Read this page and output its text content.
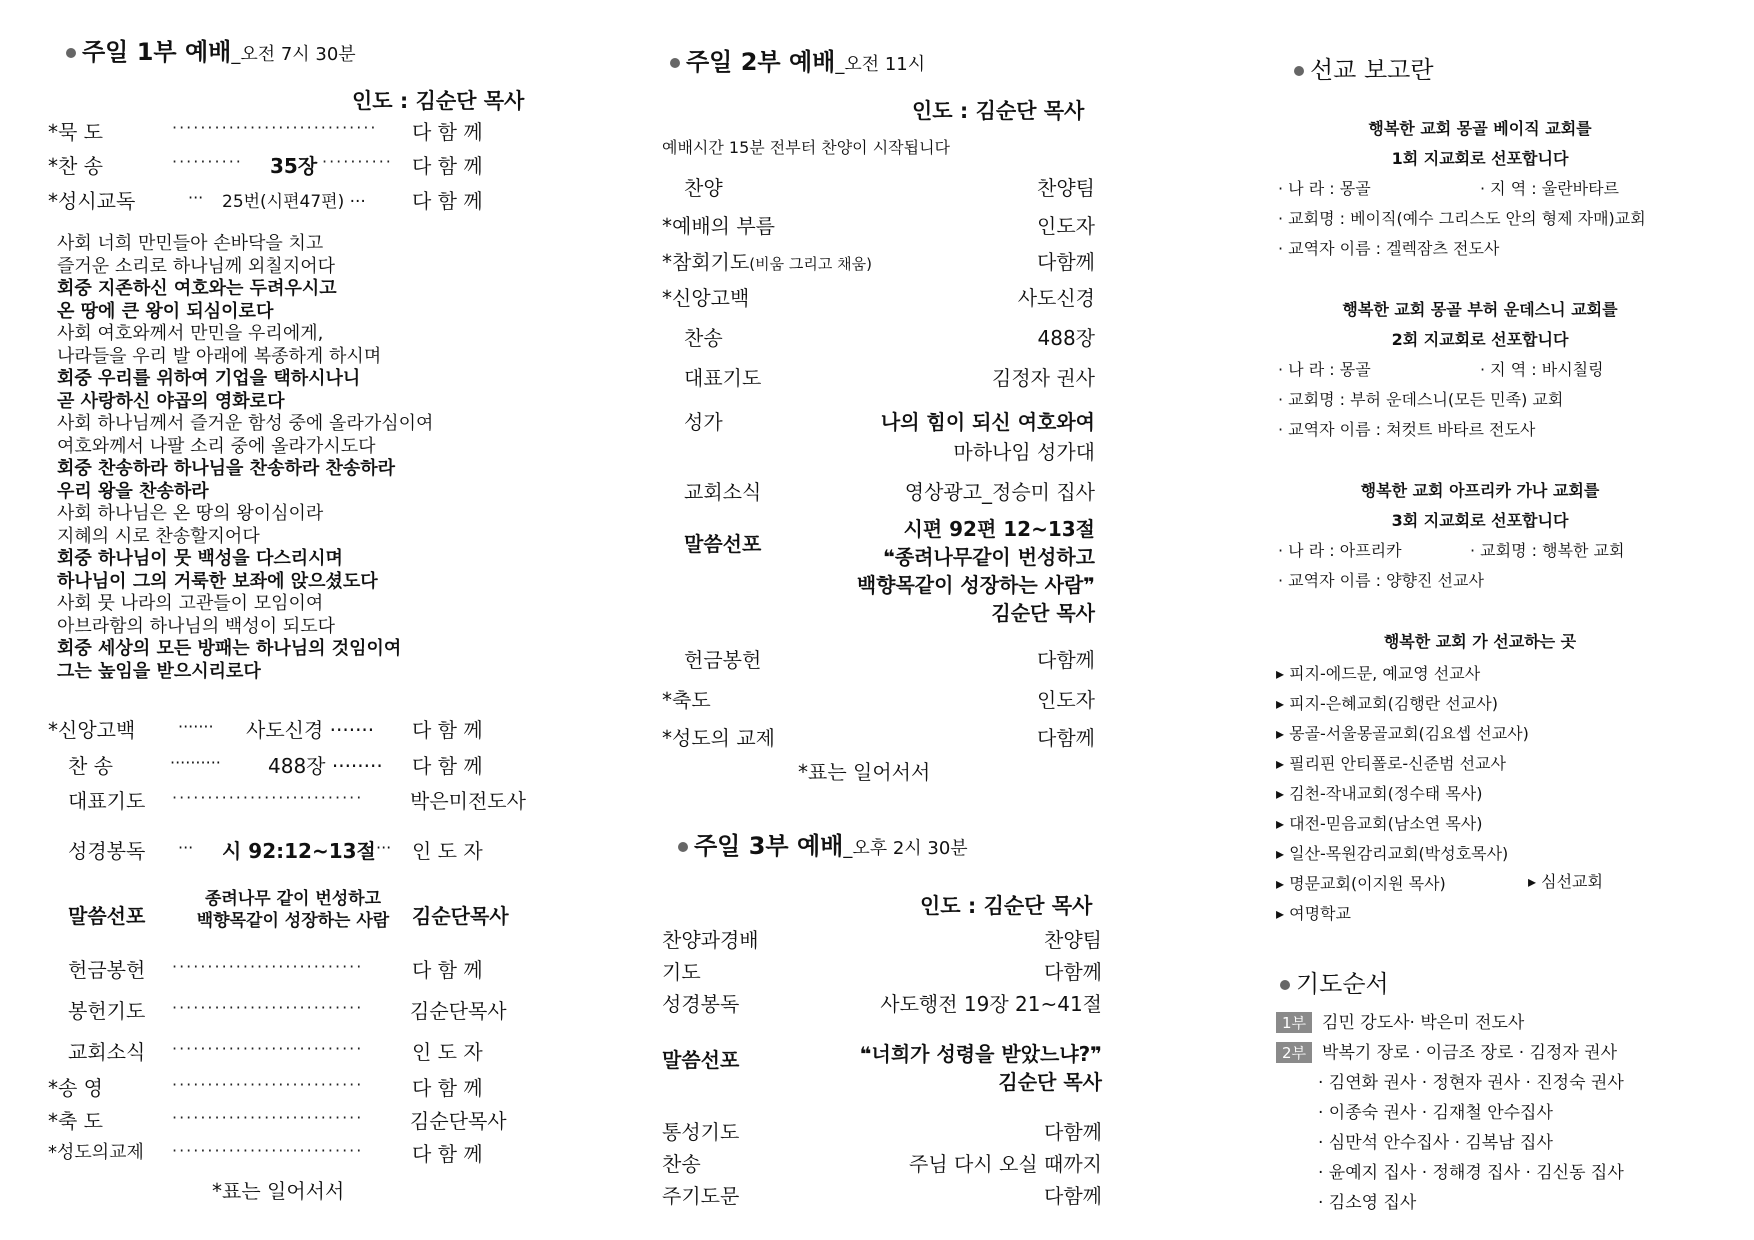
주일 1부 예배_오전 7시 30분
인도 : 김순단 목사
*묵 도	·····························	다 함 께
*찬 송	··········	35장 ·········· 다 함 께
*성시교독	··· 25번(시편47편) ··· 다 함 께
사회 너희 만민들아 손바닥을 치고
즐거운 소리로 하나님께 외칠지어다
회중 지존하신 여호와는 두려우시고
온 땅에 큰 왕이 되심이로다
사회 여호와께서 만민을 우리에게,
나라들을 우리 발 아래에 복종하게 하시며
회중 우리를 위하여 기업을 택하시나니
곧 사랑하신 야곱의 영화로다
사회 하나님께서 즐거운 함성 중에 올라가심이여
여호와께서 나팔 소리 중에 올라가시도다
회중 찬송하라 하나님을 찬송하라 찬송하라
우리 왕을 찬송하라
사회 하나님은 온 땅의 왕이심이라
지혜의 시로 찬송할지어다
회중 하나님이 뭇 백성을 다스리시며
하나님이 그의 거룩한 보좌에 앉으셨도다
사회 뭇 나라의 고관들이 모임이여
아브라함의 하나님의 백성이 되도다
회중 세상의 모든 방패는 하나님의 것임이여
그는 높임을 받으시리로다
*신앙고백	······· 사도신경 ······· 다 함 께
찬 송	·········· 488장 ········ 다 함 께
대표기도 ···························	박은미전도사
성경봉독 ··· 시 92:12~13절 ··· 인 도 자
말씀선포
종려나무 같이 번성하고
백향목같이 성장하는 사람	김순단목사
헌금봉헌 ···························	다 함 께
봉헌기도 ···························	김순단목사
교회소식 ···························	인 도 자
*송 영	···························	다 함 께
*축 도	···························	김순단목사
*성도의교제 ···························	다 함 께
*표는 일어서서
주일 2부 예배_오전 11시
인도 : 김순단 목사
예배시간 15분 전부터 찬양이 시작됩니다
찬양	찬양팀
*예배의 부름	인도자
*참회기도(비움 그리고 채움)	다함께
*신앙고백	사도신경
찬송	488장
대표기도	김정자 권사
성가	나의 힘이 되신 여호와여
마하나임 성가대
교회소식	영상광고_정승미 집사
말씀선포
시편 92편 12~13절
❝종려나무같이 번성하고
백향목같이 성장하는 사람❞
김순단 목사
헌금봉헌	다함께
*축도	인도자
*성도의 교제	다함께
*표는 일어서서
주일 3부 예배_오후 2시 30분
인도 : 김순단 목사
찬양과경배	찬양팀
기도	다함께
성경봉독	사도행전 19장 21~41절
말씀선포	❝너희가 성령을 받았느냐?❞
김순단 목사
통성기도	다함께
찬송	주님 다시 오실 때까지
주기도문	다함께
선교 보고란
행복한 교회 몽골 베이직 교회를
1회 지교회로 선포합니다
· 나 라 : 몽골	· 지 역 : 울란바타르
· 교회명 : 베이직(예수 그리스도 안의 형제 자매)교회
· 교역자 이름 : 겔렉잠츠 전도사
행복한 교회 몽골 부허 운데스니 교회를
2회 지교회로 선포합니다
· 나 라 : 몽골	· 지 역 : 바시칠링
· 교회명 : 부허 운데스니(모든 민족) 교회
· 교역자 이름 : 쳐컷트 바타르 전도사
행복한 교회 아프리카 가나 교회를
3회 지교회로 선포합니다
· 나 라 : 아프리카	· 교회명 : 행복한 교회
· 교역자 이름 : 양향진 선교사
행복한 교회 가 선교하는 곳
▸ 피지-에드문, 예교영 선교사
▸ 피지-은혜교회(김행란 선교사)
▸ 몽골-서울몽골교회(김요셉 선교사)
▸ 필리핀 안티폴로-신준범 선교사
▸ 김천-작내교회(정수태 목사)
▸ 대전-믿음교회(남소연 목사)
▸ 일산-목원감리교회(박성호목사)
▸ 명문교회(이지원 목사)
▸ 여명학교
▸ 심선교회
기도순서
1부 김민 강도사· 박은미 전도사
2부 박복기 장로 · 이금조 장로 · 김정자 권사
· 김연화 권사 · 정현자 권사 · 진정숙 권사
· 이종숙 권사 · 김재철 안수집사
· 심만석 안수집사 · 김복남 집사
· 윤예지 집사 · 정해경 집사 · 김신동 집사
· 김소영 집사
